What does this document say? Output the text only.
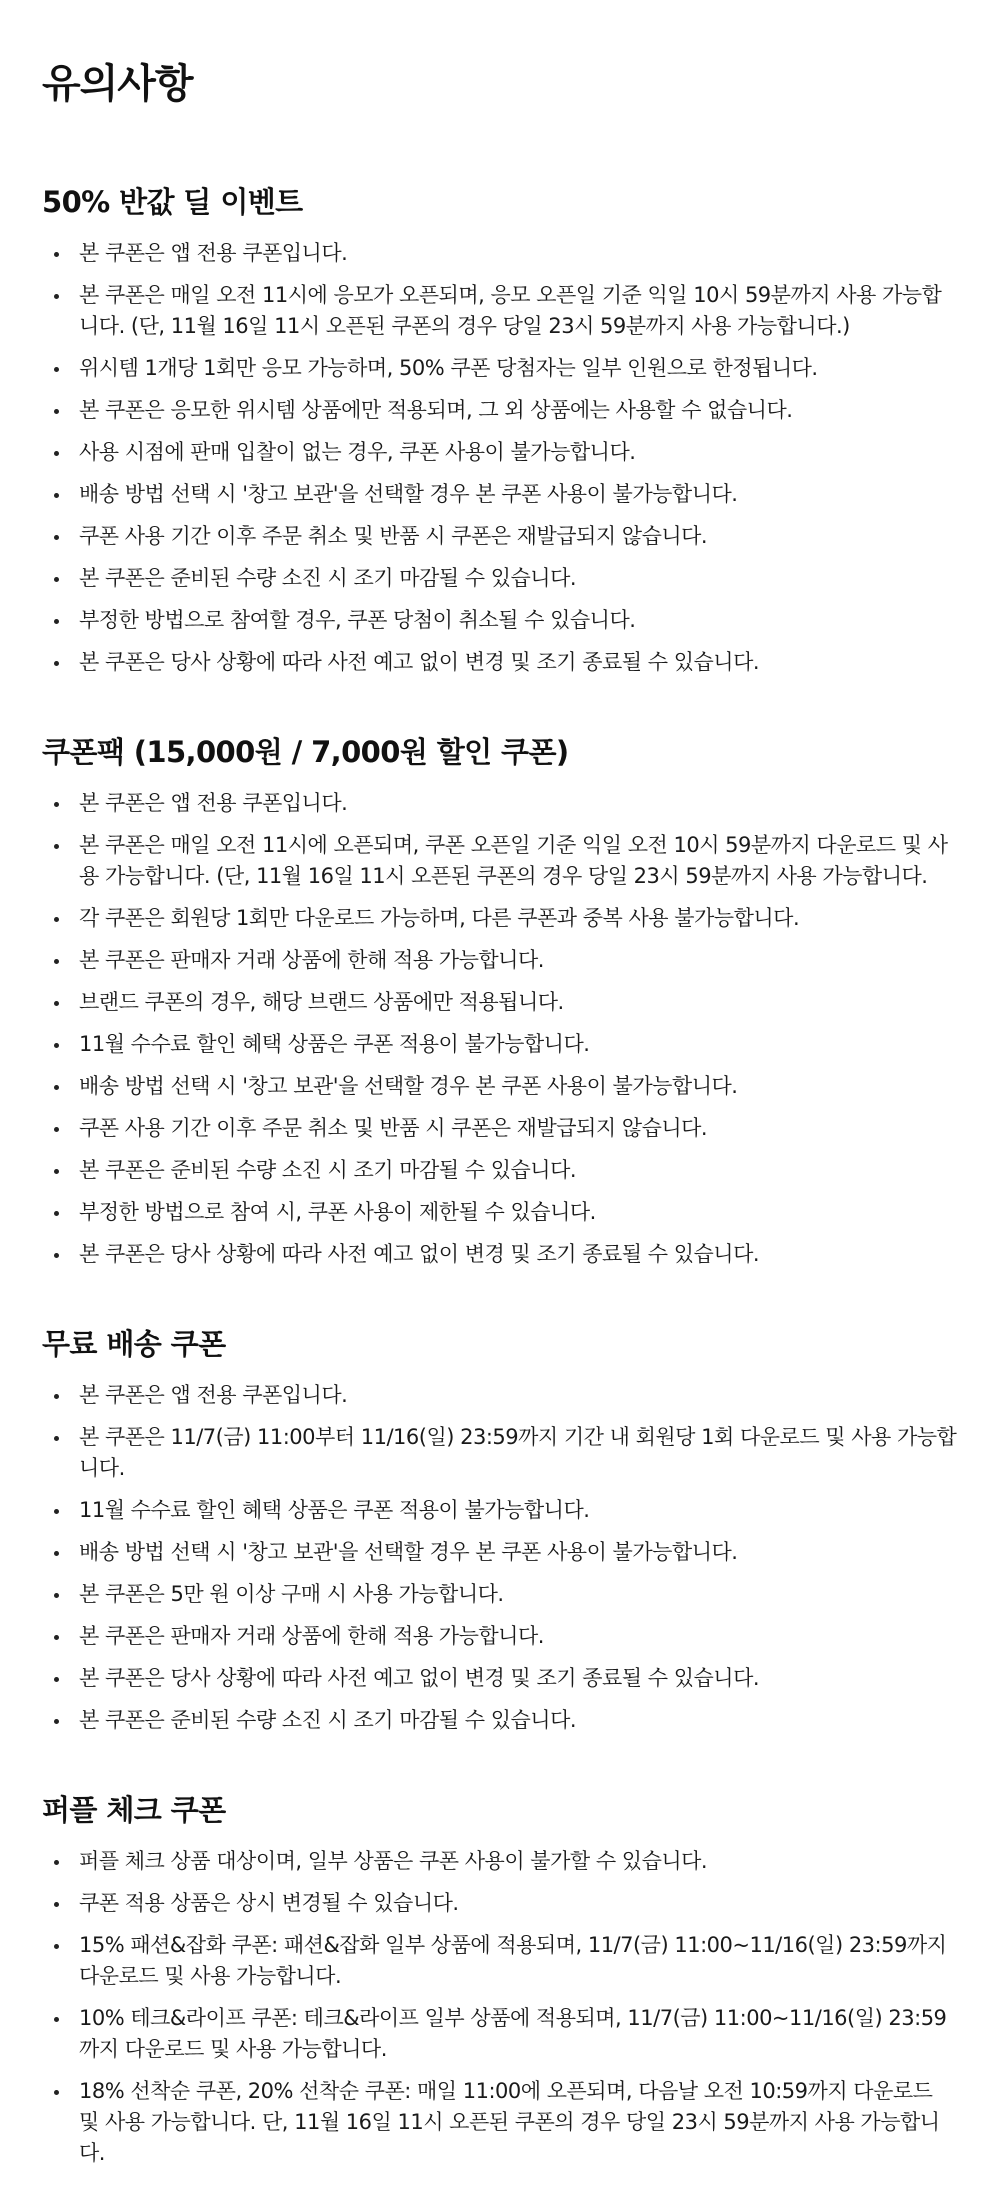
유의사항
50% 반값 딜 이벤트
본 쿠폰은 앱 전용 쿠폰입니다.
본 쿠폰은 매일 오전 11시에 응모가 오픈되며, 응모 오픈일 기준 익일 10시 59분까지 사용 가능합니다. (단, 11월 16일 11시 오픈된 쿠폰의 경우 당일 23시 59분까지 사용 가능합니다.)
위시템 1개당 1회만 응모 가능하며, 50% 쿠폰 당첨자는 일부 인원으로 한정됩니다.
본 쿠폰은 응모한 위시템 상품에만 적용되며, 그 외 상품에는 사용할 수 없습니다.
사용 시점에 판매 입찰이 없는 경우, 쿠폰 사용이 불가능합니다.
배송 방법 선택 시 '창고 보관'을 선택할 경우 본 쿠폰 사용이 불가능합니다.
쿠폰 사용 기간 이후 주문 취소 및 반품 시 쿠폰은 재발급되지 않습니다.
본 쿠폰은 준비된 수량 소진 시 조기 마감될 수 있습니다.
부정한 방법으로 참여할 경우, 쿠폰 당첨이 취소될 수 있습니다.
본 쿠폰은 당사 상황에 따라 사전 예고 없이 변경 및 조기 종료될 수 있습니다.
쿠폰팩 (15,000원 / 7,000원 할인 쿠폰)
본 쿠폰은 앱 전용 쿠폰입니다.
본 쿠폰은 매일 오전 11시에 오픈되며, 쿠폰 오픈일 기준 익일 오전 10시 59분까지 다운로드 및 사용 가능합니다. (단, 11월 16일 11시 오픈된 쿠폰의 경우 당일 23시 59분까지 사용 가능합니다.
각 쿠폰은 회원당 1회만 다운로드 가능하며, 다른 쿠폰과 중복 사용 불가능합니다.
본 쿠폰은 판매자 거래 상품에 한해 적용 가능합니다.
브랜드 쿠폰의 경우, 해당 브랜드 상품에만 적용됩니다.
11월 수수료 할인 혜택 상품은 쿠폰 적용이 불가능합니다.
배송 방법 선택 시 '창고 보관'을 선택할 경우 본 쿠폰 사용이 불가능합니다.
쿠폰 사용 기간 이후 주문 취소 및 반품 시 쿠폰은 재발급되지 않습니다.
본 쿠폰은 준비된 수량 소진 시 조기 마감될 수 있습니다.
부정한 방법으로 참여 시, 쿠폰 사용이 제한될 수 있습니다.
본 쿠폰은 당사 상황에 따라 사전 예고 없이 변경 및 조기 종료될 수 있습니다.
무료 배송 쿠폰
본 쿠폰은 앱 전용 쿠폰입니다.
본 쿠폰은 11/7(금) 11:00부터 11/16(일) 23:59까지 기간 내 회원당 1회 다운로드 및 사용 가능합니다.
11월 수수료 할인 혜택 상품은 쿠폰 적용이 불가능합니다.
배송 방법 선택 시 '창고 보관'을 선택할 경우 본 쿠폰 사용이 불가능합니다.
본 쿠폰은 5만 원 이상 구매 시 사용 가능합니다.
본 쿠폰은 판매자 거래 상품에 한해 적용 가능합니다.
본 쿠폰은 당사 상황에 따라 사전 예고 없이 변경 및 조기 종료될 수 있습니다.
본 쿠폰은 준비된 수량 소진 시 조기 마감될 수 있습니다.
퍼플 체크 쿠폰
퍼플 체크 상품 대상이며, 일부 상품은 쿠폰 사용이 불가할 수 있습니다.
쿠폰 적용 상품은 상시 변경될 수 있습니다.
15% 패션&잡화 쿠폰: 패션&잡화 일부 상품에 적용되며, 11/7(금) 11:00~11/16(일) 23:59까지 다운로드 및 사용 가능합니다.
10% 테크&라이프 쿠폰: 테크&라이프 일부 상품에 적용되며, 11/7(금) 11:00~11/16(일) 23:59까지 다운로드 및 사용 가능합니다.
18% 선착순 쿠폰, 20% 선착순 쿠폰: 매일 11:00에 오픈되며, 다음날 오전 10:59까지 다운로드 및 사용 가능합니다. 단, 11월 16일 11시 오픈된 쿠폰의 경우 당일 23시 59분까지 사용 가능합니다.
